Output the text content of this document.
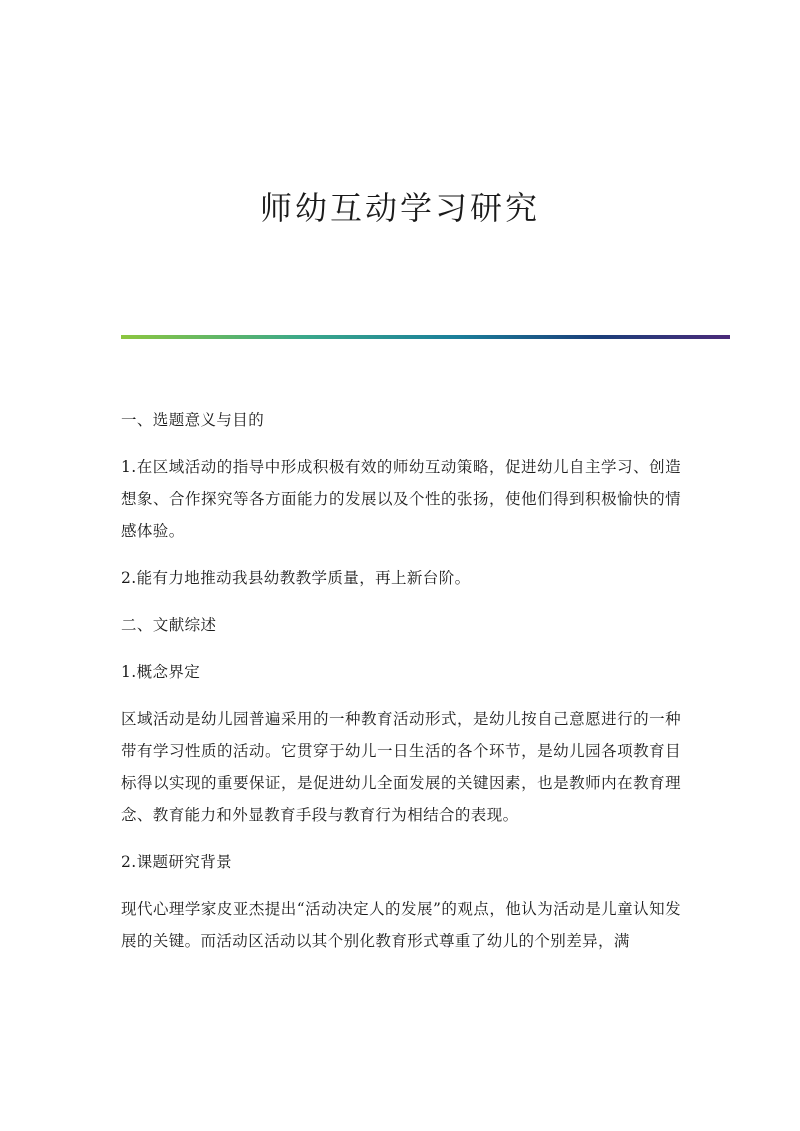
师幼互动学习研究

一、选题意义与目的

1.在区域活动的指导中形成积极有效的师幼互动策略，促进幼儿自主学习、创造想象、合作探究等各方面能力的发展以及个性的张扬，使他们得到积极愉快的情感体验。

2.能有力地推动我县幼教教学质量，再上新台阶。

二、文献综述

1.概念界定

区域活动是幼儿园普遍采用的一种教育活动形式，是幼儿按自己意愿进行的一种带有学习性质的活动。它贯穿于幼儿一日生活的各个环节，是幼儿园各项教育目标得以实现的重要保证，是促进幼儿全面发展的关键因素，也是教师内在教育理念、教育能力和外显教育手段与教育行为相结合的表现。

2.课题研究背景

现代心理学家皮亚杰提出“活动决定人的发展”的观点，他认为活动是儿童认知发展的关键。而活动区活动以其个别化教育形式尊重了幼儿的个别差异，满
